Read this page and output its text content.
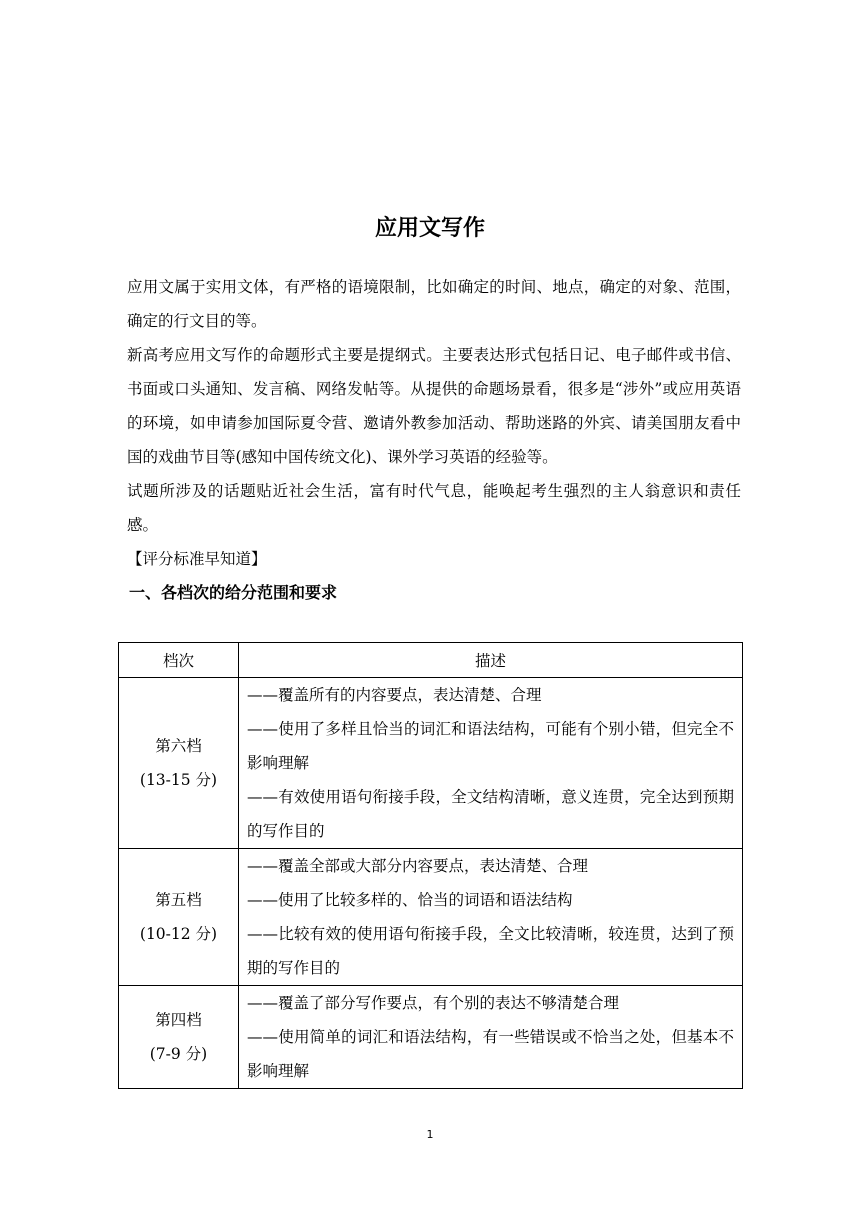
应用文写作

应用文属于实用文体，有严格的语境限制，比如确定的时间、地点，确定的对象、范围，确定的行文目的等。

新高考应用文写作的命题形式主要是提纲式。主要表达形式包括日记、电子邮件或书信、书面或口头通知、发言稿、网络发帖等。从提供的命题场景看，很多是“涉外”或应用英语的环境，如申请参加国际夏令营、邀请外教参加活动、帮助迷路的外宾、请美国朋友看中国的戏曲节目等(感知中国传统文化)、课外学习英语的经验等。

试题所涉及的话题贴近社会生活，富有时代气息，能唤起考生强烈的主人翁意识和责任感。

【评分标准早知道】

一、各档次的给分范围和要求

档次	描述

第六档
(13-15 分)	——覆盖所有的内容要点，表达清楚、合理
——使用了多样且恰当的词汇和语法结构，可能有个别小错，但完全不影响理解
——有效使用语句衔接手段，全文结构清晰，意义连贯，完全达到预期的写作目的

第五档
(10-12 分)	——覆盖全部或大部分内容要点，表达清楚、合理
——使用了比较多样的、恰当的词语和语法结构
——比较有效的使用语句衔接手段，全文比较清晰，较连贯，达到了预期的写作目的

第四档
(7-9 分)	——覆盖了部分写作要点，有个别的表达不够清楚合理
——使用简单的词汇和语法结构，有一些错误或不恰当之处，但基本不影响理解
1
